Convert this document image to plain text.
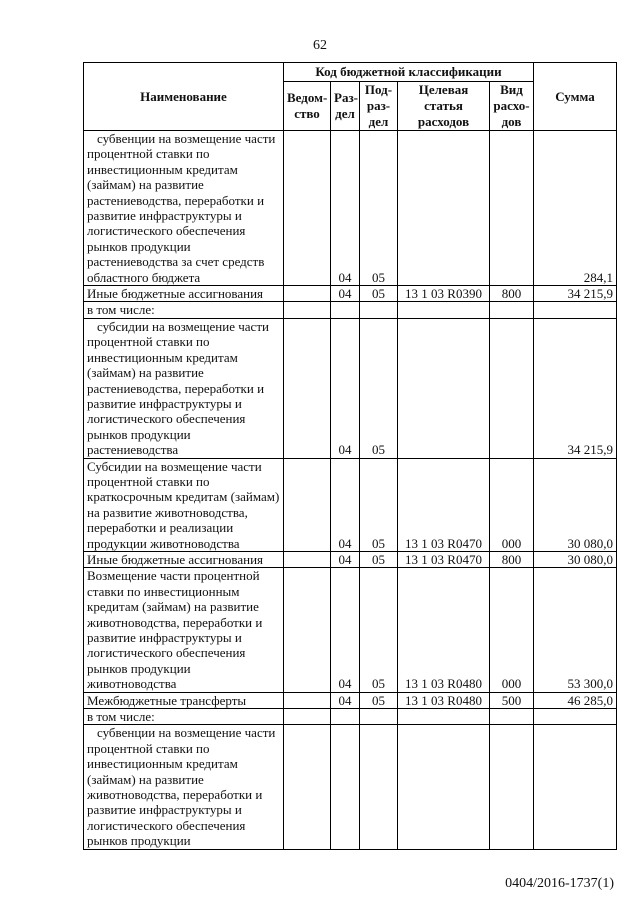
62
Наименование	Код бюджетной классификации					Сумма
	Ведом-ство	Раз-дел	Под-раз-дел	Целевая статья расходов	Вид расхо-дов	
субвенции на возмещение части процентной ставки по инвестиционным кредитам (займам) на развитие растениеводства, переработки и развитие инфраструктуры и логистического обеспечения рынков продукции растениеводства за счет средств областного бюджета		04	05			284,1
Иные бюджетные ассигнования		04	05	13 1 03 R0390	800	34 215,9
в том числе:						
субсидии на возмещение части процентной ставки по инвестиционным кредитам (займам) на развитие растениеводства, переработки и развитие инфраструктуры и логистического обеспечения рынков продукции растениеводства		04	05			34 215,9
Субсидии на возмещение части процентной ставки по краткосрочным кредитам (займам) на развитие животноводства, переработки и реализации продукции животноводства		04	05	13 1 03 R0470	000	30 080,0
Иные бюджетные ассигнования		04	05	13 1 03 R0470	800	30 080,0
Возмещение части процентной ставки по инвестиционным кредитам (займам) на развитие животноводства, переработки и развитие инфраструктуры и логистического обеспечения рынков продукции животноводства		04	05	13 1 03 R0480	000	53 300,0
Межбюджетные трансферты		04	05	13 1 03 R0480	500	46 285,0
в том числе:						
субвенции на возмещение части процентной ставки по инвестиционным кредитам (займам) на развитие животноводства, переработки и развитие инфраструктуры и логистического обеспечения рынков продукции						
0404/2016-1737(1)
